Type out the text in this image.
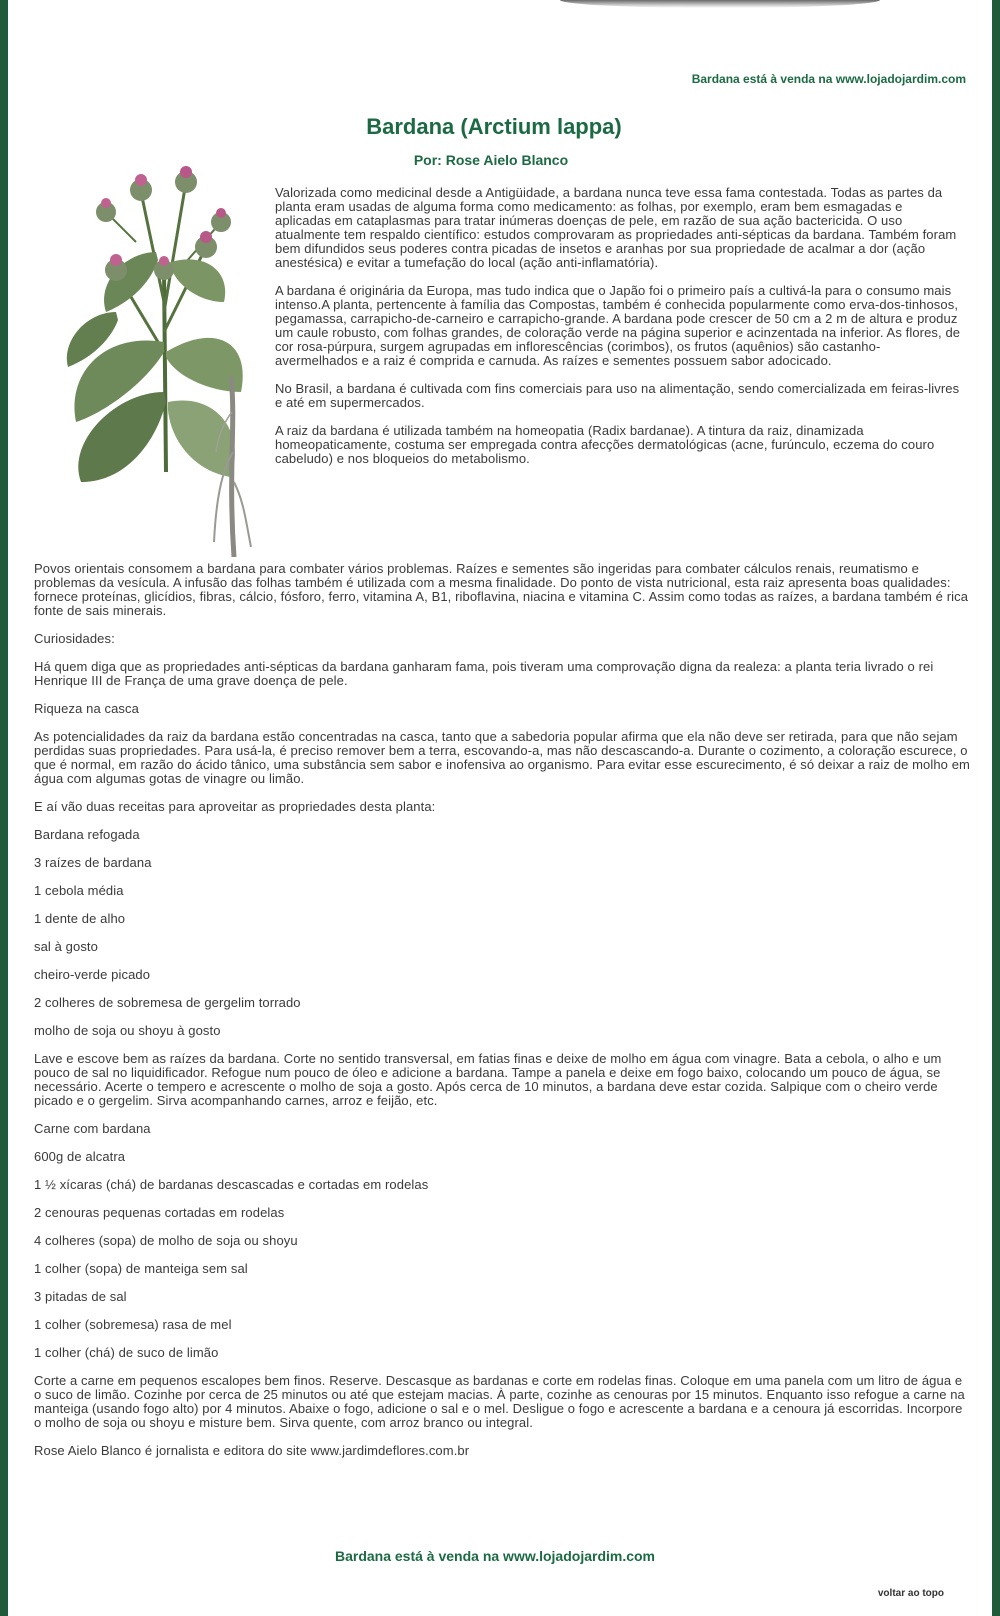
Bardana está à venda na www.lojadojardim.com
Bardana (Arctium lappa)
Por: Rose Aielo Blanco

Valorizada como medicinal desde a Antigüidade, a bardana nunca teve essa fama contestada. Todas as partes da planta eram usadas de alguma forma como medicamento: as folhas, por exemplo, eram bem esmagadas e aplicadas em cataplasmas para tratar inúmeras doenças de pele, em razão de sua ação bactericida. O uso atualmente tem respaldo científico: estudos comprovaram as propriedades anti-sépticas da bardana. Também foram bem difundidos seus poderes contra picadas de insetos e aranhas por sua propriedade de acalmar a dor (ação anestésica) e evitar a tumefação do local (ação anti-inflamatória).

A bardana é originária da Europa, mas tudo indica que o Japão foi o primeiro país a cultivá-la para o consumo mais intenso.A planta, pertencente à família das Compostas, também é conhecida popularmente como erva-dos-tinhosos, pegamassa, carrapicho-de-carneiro e carrapicho-grande. A bardana pode crescer de 50 cm a 2 m de altura e produz um caule robusto, com folhas grandes, de coloração verde na página superior e acinzentada na inferior. As flores, de cor rosa-púrpura, surgem agrupadas em inflorescências (corimbos), os frutos (aquênios) são castanho-avermelhados e a raiz é comprida e carnuda. As raízes e sementes possuem sabor adocicado.

No Brasil, a bardana é cultivada com fins comerciais para uso na alimentação, sendo comercializada em feiras-livres e até em supermercados.

A raiz da bardana é utilizada também na homeopatia (Radix bardanae). A tintura da raiz, dinamizada homeopaticamente, costuma ser empregada contra afecções dermatológicas (acne, furúnculo, eczema do couro cabeludo) e nos bloqueios do metabolismo.

Povos orientais consomem a bardana para combater vários problemas. Raízes e sementes são ingeridas para combater cálculos renais, reumatismo e problemas da vesícula. A infusão das folhas também é utilizada com a mesma finalidade. Do ponto de vista nutricional, esta raiz apresenta boas qualidades: fornece proteínas, glicídios, fibras, cálcio, fósforo, ferro, vitamina A, B1, riboflavina, niacina e vitamina C. Assim como todas as raízes, a bardana também é rica fonte de sais minerais.

Curiosidades:

Há quem diga que as propriedades anti-sépticas da bardana ganharam fama, pois tiveram uma comprovação digna da realeza: a planta teria livrado o rei Henrique III de França de uma grave doença de pele.

Riqueza na casca

As potencialidades da raiz da bardana estão concentradas na casca, tanto que a sabedoria popular afirma que ela não deve ser retirada, para que não sejam perdidas suas propriedades. Para usá-la, é preciso remover bem a terra, escovando-a, mas não descascando-a. Durante o cozimento, a coloração escurece, o que é normal, em razão do ácido tânico, uma substância sem sabor e inofensiva ao organismo. Para evitar esse escurecimento, é só deixar a raiz de molho em água com algumas gotas de vinagre ou limão.

E aí vão duas receitas para aproveitar as propriedades desta planta:

Bardana refogada

3 raízes de bardana

1 cebola média

1 dente de alho

sal à gosto

cheiro-verde picado

2 colheres de sobremesa de gergelim torrado

molho de soja ou shoyu à gosto

Lave e escove bem as raízes da bardana. Corte no sentido transversal, em fatias finas e deixe de molho em água com vinagre. Bata a cebola, o alho e um pouco de sal no liquidificador. Refogue num pouco de óleo e adicione a bardana. Tampe a panela e deixe em fogo baixo, colocando um pouco de água, se necessário. Acerte o tempero e acrescente o molho de soja a gosto. Após cerca de 10 minutos, a bardana deve estar cozida. Salpique com o cheiro verde picado e o gergelim. Sirva acompanhando carnes, arroz e feijão, etc.

Carne com bardana

600g de alcatra

1 ½ xícaras (chá) de bardanas descascadas e cortadas em rodelas

2 cenouras pequenas cortadas em rodelas

4 colheres (sopa) de molho de soja ou shoyu

1 colher (sopa) de manteiga sem sal

3 pitadas de sal

1 colher (sobremesa) rasa de mel

1 colher (chá) de suco de limão

Corte a carne em pequenos escalopes bem finos. Reserve. Descasque as bardanas e corte em rodelas finas. Coloque em uma panela com um litro de água e o suco de limão. Cozinhe por cerca de 25 minutos ou até que estejam macias. À parte, cozinhe as cenouras por 15 minutos. Enquanto isso refogue a carne na manteiga (usando fogo alto) por 4 minutos. Abaixe o fogo, adicione o sal e o mel. Desligue o fogo e acrescente a bardana e a cenoura já escorridas. Incorpore o molho de soja ou shoyu e misture bem. Sirva quente, com arroz branco ou integral.

Rose Aielo Blanco é jornalista e editora do site www.jardimdeflores.com.br

Bardana está à venda na www.lojadojardim.com
voltar ao topo
